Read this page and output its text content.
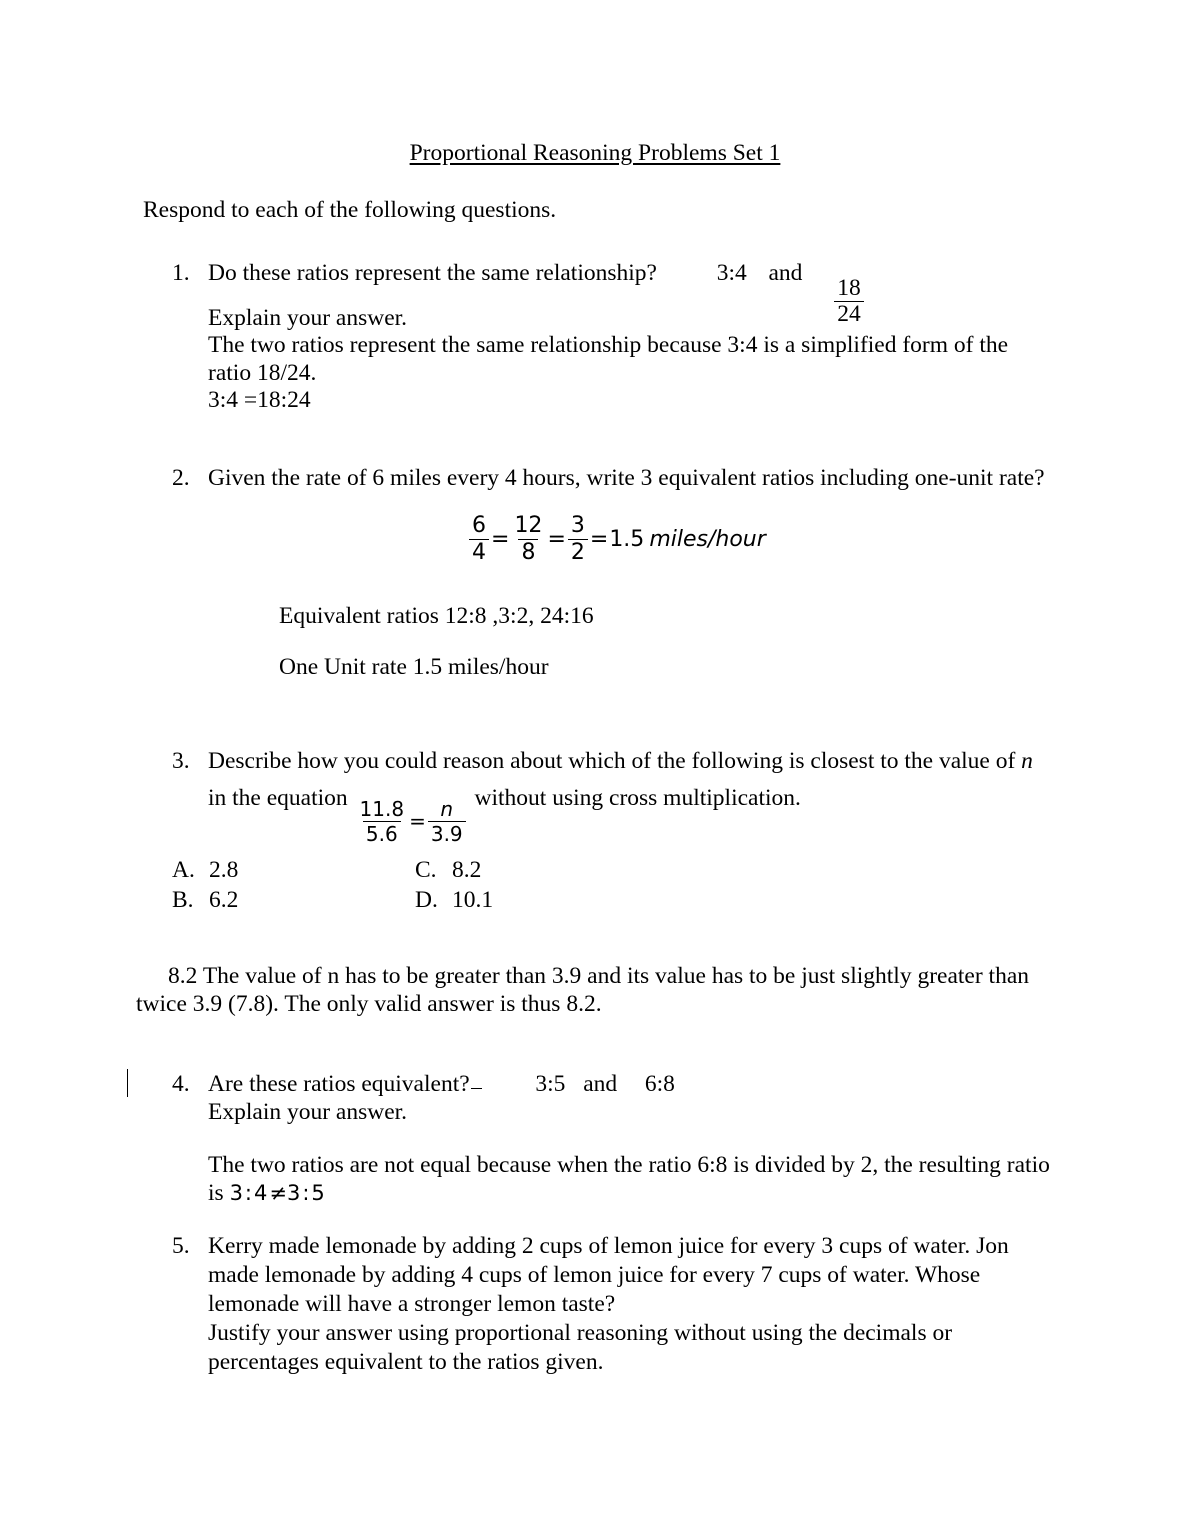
Proportional Reasoning Problems Set 1
Respond to each of the following questions.
1. Do these ratios represent the same relationship?	3:4 and
$\frac{18}{24}$
Explain your answer.
The two ratios represent the same relationship because 3:4 is a simplified form of the
ratio 18/24.
3:4 =18:24
2. Given the rate of 6 miles every 4 hours, write 3 equivalent ratios including one-unit rate?
$\frac{6}{4} = \frac{12}{8} = \frac{3}{2} = 1.5$ miles/hour
Equivalent ratios 12:8 ,3:2, 24:16
One Unit rate 1.5 miles/hour
3. Describe how you could reason about which of the following is closest to the value of n
in the equation
$\frac{11.8}{5.6} = \frac{n}{3.9}$
without using cross multiplication.
A. 2.8	C. 8.2
B. 6.2	D. 10.1
8.2 The value of n has to be greater than 3.9 and its value has to be just slightly greater than
twice 3.9 (7.8). The only valid answer is thus 8.2.
4. Are these ratios equivalent?	3:5 and 6:8
Explain your answer.
The two ratios are not equal because when the ratio 6:8 is divided by 2, the resulting ratio
is 3:4≠3:5
5. Kerry made lemonade by adding 2 cups of lemon juice for every 3 cups of water. Jon
made lemonade by adding 4 cups of lemon juice for every 7 cups of water. Whose
lemonade will have a stronger lemon taste?
Justify your answer using proportional reasoning without using the decimals or
percentages equivalent to the ratios given.
